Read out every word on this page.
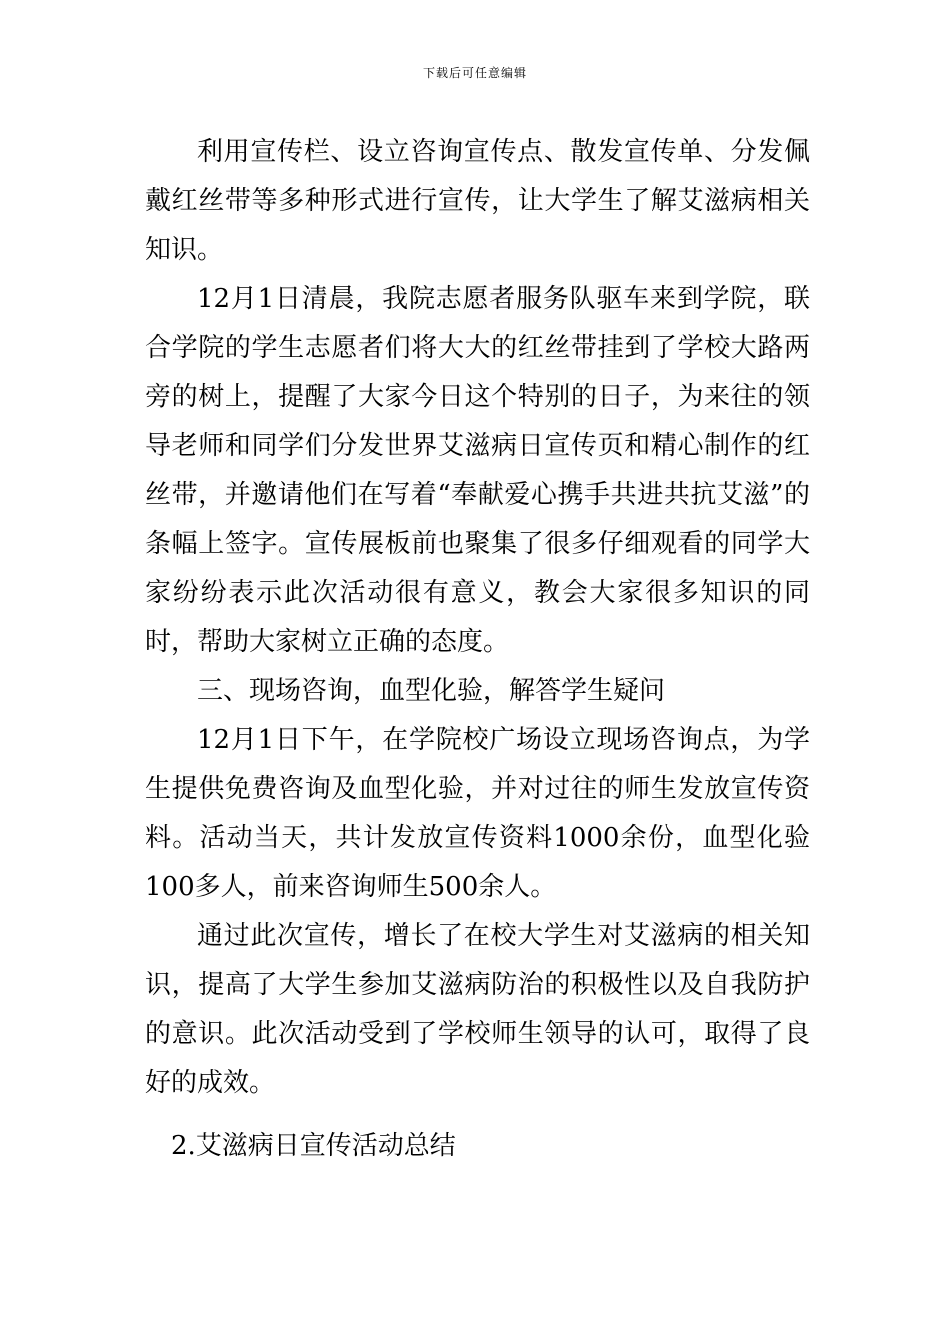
下载后可任意编辑

利用宣传栏、设立咨询宣传点、散发宣传单、分发佩戴红丝带等多种形式进行宣传，让大学生了解艾滋病相关知识。

12月1日清晨，我院志愿者服务队驱车来到学院，联合学院的学生志愿者们将大大的红丝带挂到了学校大路两旁的树上，提醒了大家今日这个特别的日子，为来往的领导老师和同学们分发世界艾滋病日宣传页和精心制作的红丝带，并邀请他们在写着“奉献爱心携手共进共抗艾滋”的条幅上签字。宣传展板前也聚集了很多仔细观看的同学大家纷纷表示此次活动很有意义，教会大家很多知识的同时，帮助大家树立正确的态度。

三、现场咨询，血型化验，解答学生疑问

12月1日下午，在学院校广场设立现场咨询点，为学生提供免费咨询及血型化验，并对过往的师生发放宣传资料。活动当天，共计发放宣传资料1000余份，血型化验100多人，前来咨询师生500余人。

通过此次宣传，增长了在校大学生对艾滋病的相关知识，提高了大学生参加艾滋病防治的积极性以及自我防护的意识。此次活动受到了学校师生领导的认可，取得了良好的成效。

2.艾滋病日宣传活动总结
